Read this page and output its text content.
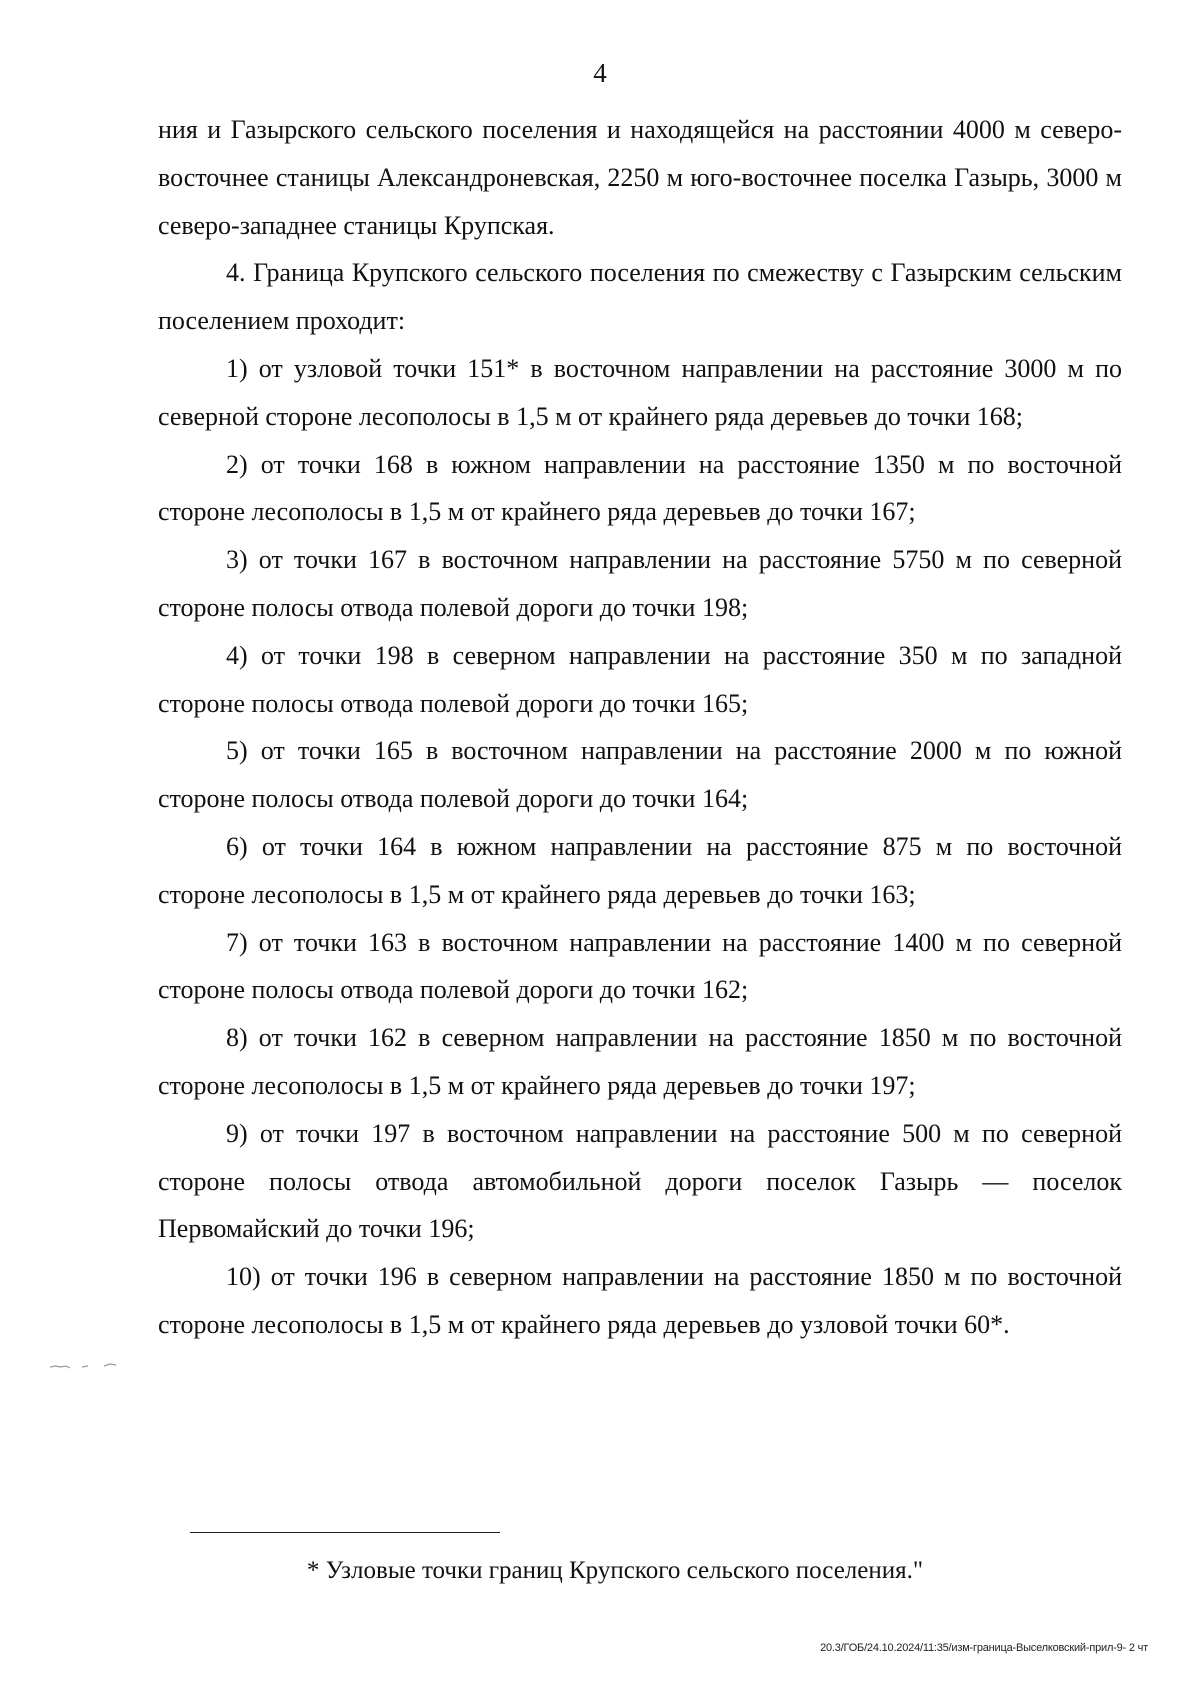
4

ния и Газырского сельского поселения и находящейся на расстоянии 4000 м северо-восточнее станицы Александроневская, 2250 м юго-восточнее поселка Газырь, 3000 м северо-западнее станицы Крупская.

4. Граница Крупского сельского поселения по смежеству с Газырским сельским поселением проходит:

1) от узловой точки 151* в восточном направлении на расстояние 3000 м по северной стороне лесополосы в 1,5 м от крайнего ряда деревьев до точки 168;

2) от точки 168 в южном направлении на расстояние 1350 м по восточной стороне лесополосы в 1,5 м от крайнего ряда деревьев до точки 167;

3) от точки 167 в восточном направлении на расстояние 5750 м по северной стороне полосы отвода полевой дороги до точки 198;

4) от точки 198 в северном направлении на расстояние 350 м по западной стороне полосы отвода полевой дороги до точки 165;

5) от точки 165 в восточном направлении на расстояние 2000 м по южной стороне полосы отвода полевой дороги до точки 164;

6) от точки 164 в южном направлении на расстояние 875 м по восточной стороне лесополосы в 1,5 м от крайнего ряда деревьев до точки 163;

7) от точки 163 в восточном направлении на расстояние 1400 м по северной стороне полосы отвода полевой дороги до точки 162;

8) от точки 162 в северном направлении на расстояние 1850 м по восточной стороне лесополосы в 1,5 м от крайнего ряда деревьев до точки 197;

9) от точки 197 в восточном направлении на расстояние 500 м по северной стороне полосы отвода автомобильной дороги поселок Газырь — поселок Первомайский до точки 196;

10) от точки 196 в северном направлении на расстояние 1850 м по восточной стороне лесополосы в 1,5 м от крайнего ряда деревьев до узловой точки 60*.

* Узловые точки границ Крупского сельского поселения."
20.3/ГОБ/24.10.2024/11:35/изм-граница-Выселковский-прил-9- 2 чт
